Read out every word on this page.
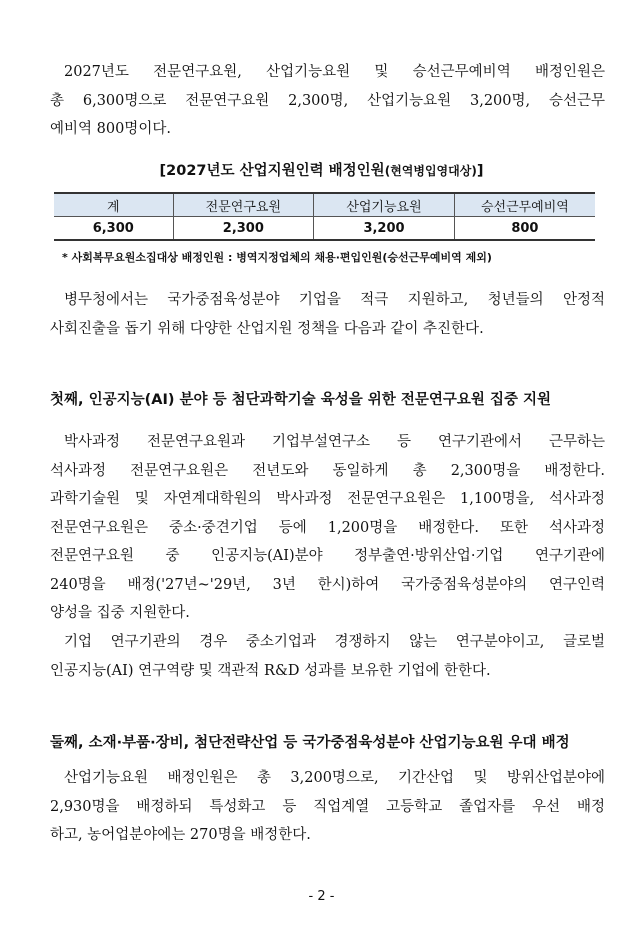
2027년도 전문연구요원, 산업기능요원 및 승선근무예비역 배정인원은
총 6,300명으로 전문연구요원 2,300명, 산업기능요원 3,200명, 승선근무
예비역 800명이다.
[2027년도 산업지원인력 배정인원(현역병입영대상)]
계	전문연구요원	산업기능요원	승선근무예비역
6,300	2,300	3,200	800
* 사회복무요원소집대상 배정인원 : 병역지정업체의 채용·편입인원(승선근무예비역 제외)
병무청에서는 국가중점육성분야 기업을 적극 지원하고, 청년들의 안정적
사회진출을 돕기 위해 다양한 산업지원 정책을 다음과 같이 추진한다.
첫째, 인공지능(AI) 분야 등 첨단과학기술 육성을 위한 전문연구요원 집중 지원
박사과정 전문연구요원과 기업부설연구소 등 연구기관에서 근무하는
석사과정 전문연구요원은 전년도와 동일하게 총 2,300명을 배정한다.
과학기술원 및 자연계대학원의 박사과정 전문연구요원은 1,100명을, 석사과정
전문연구요원은 중소·중견기업 등에 1,200명을 배정한다. 또한 석사과정
전문연구요원 중 인공지능(AI)분야 정부출연·방위산업·기업 연구기관에
240명을 배정('27년~'29년, 3년 한시)하여 국가중점육성분야의 연구인력
양성을 집중 지원한다.
기업 연구기관의 경우 중소기업과 경쟁하지 않는 연구분야이고, 글로벌
인공지능(AI) 연구역량 및 객관적 R&D 성과를 보유한 기업에 한한다.
둘째, 소재·부품·장비, 첨단전략산업 등 국가중점육성분야 산업기능요원 우대 배정
산업기능요원 배정인원은 총 3,200명으로, 기간산업 및 방위산업분야에
2,930명을 배정하되 특성화고 등 직업계열 고등학교 졸업자를 우선 배정
하고, 농어업분야에는 270명을 배정한다.
- 2 -
